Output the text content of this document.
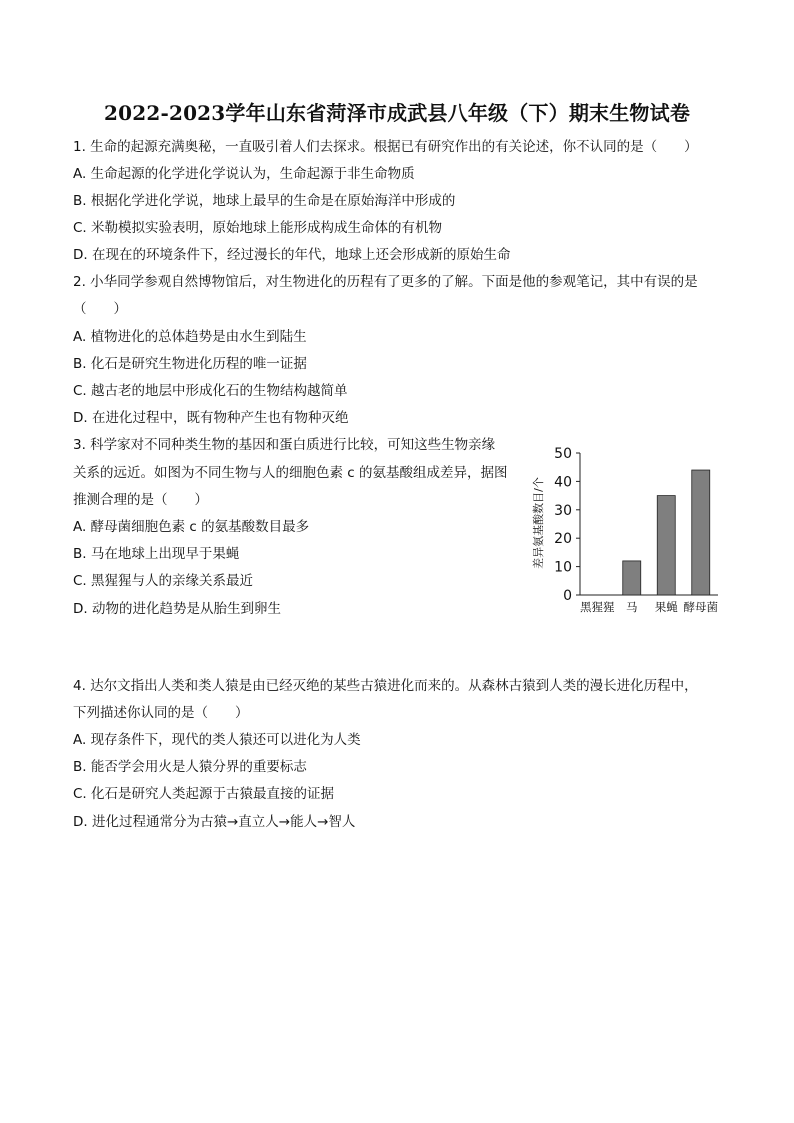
2022-2023学年山东省菏泽市成武县八年级（下）期末生物试卷
1. 生命的起源充满奥秘，一直吸引着人们去探求。根据已有研究作出的有关论述，你不认同的是（　　）
A. 生命起源的化学进化学说认为，生命起源于非生命物质
B. 根据化学进化学说，地球上最早的生命是在原始海洋中形成的
C. 米勒模拟实验表明，原始地球上能形成构成生命体的有机物
D. 在现在的环境条件下，经过漫长的年代，地球上还会形成新的原始生命
2. 小华同学参观自然博物馆后，对生物进化的历程有了更多的了解。下面是他的参观笔记，其中有误的是
（　　）
A. 植物进化的总体趋势是由水生到陆生
B. 化石是研究生物进化历程的唯一证据
C. 越古老的地层中形成化石的生物结构越简单
D. 在进化过程中，既有物种产生也有物种灭绝
3. 科学家对不同种类生物的基因和蛋白质进行比较，可知这些生物亲缘
关系的远近。如图为不同生物与人的细胞色素 c 的氨基酸组成差异，据图
推测合理的是（　　）
A. 酵母菌细胞色素 c 的氨基酸数目最多
B. 马在地球上出现早于果蝇
C. 黑猩猩与人的亲缘关系最近
D. 动物的进化趋势是从胎生到卵生
0
10
20
30
40
50
黑猩猩 马 果蝇 酵母菌
差异氨基酸数目/个
4. 达尔文指出人类和类人猿是由已经灭绝的某些古猿进化而来的。从森林古猿到人类的漫长进化历程中，
下列描述你认同的是（　　）
A. 现存条件下，现代的类人猿还可以进化为人类
B. 能否学会用火是人猿分界的重要标志
C. 化石是研究人类起源于古猿最直接的证据
D. 进化过程通常分为古猿→直立人→能人→智人
